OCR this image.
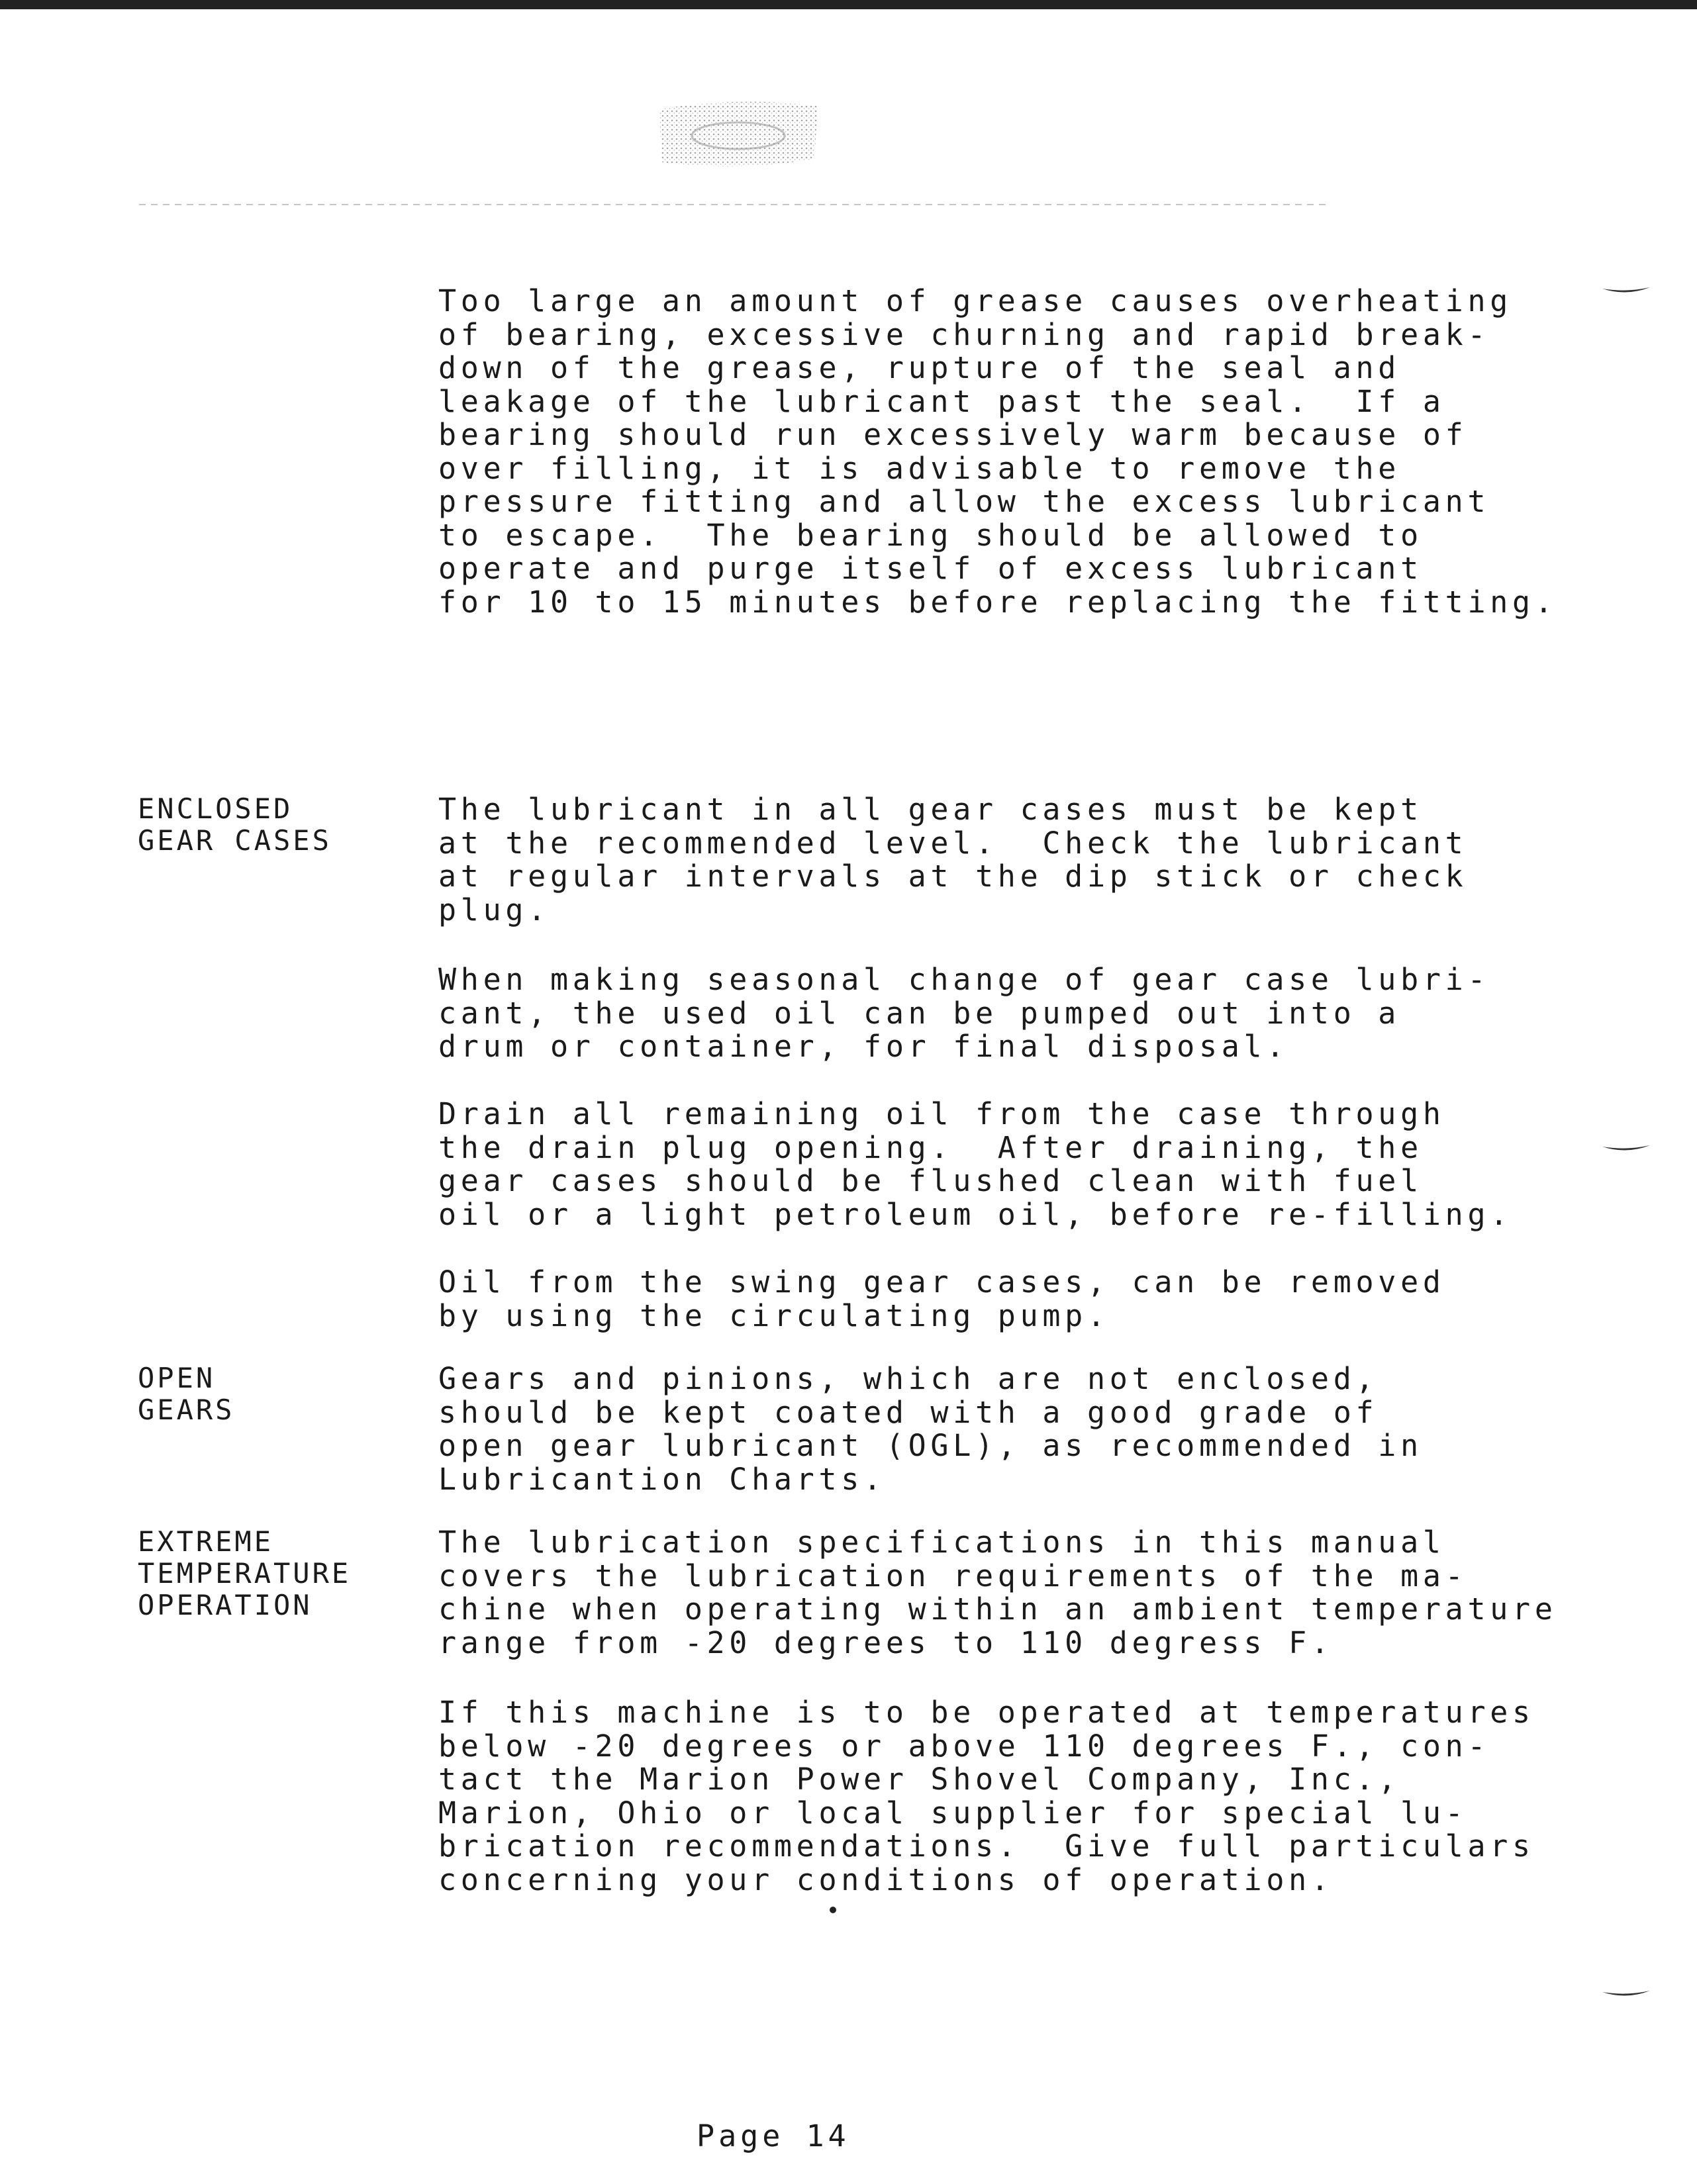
Too large an amount of grease causes overheating
of bearing, excessive churning and rapid break-
down of the grease, rupture of the seal and
leakage of the lubricant past the seal.  If a
bearing should run excessively warm because of
over filling, it is advisable to remove the
pressure fitting and allow the excess lubricant
to escape.  The bearing should be allowed to
operate and purge itself of excess lubricant
for 10 to 15 minutes before replacing the fitting.

ENCLOSED
GEAR CASES

The lubricant in all gear cases must be kept
at the recommended level.  Check the lubricant
at regular intervals at the dip stick or check
plug.

When making seasonal change of gear case lubri-
cant, the used oil can be pumped out into a
drum or container, for final disposal.

Drain all remaining oil from the case through
the drain plug opening.  After draining, the
gear cases should be flushed clean with fuel
oil or a light petroleum oil, before re-filling.

Oil from the swing gear cases, can be removed
by using the circulating pump.

OPEN
GEARS

Gears and pinions, which are not enclosed,
should be kept coated with a good grade of
open gear lubricant (OGL), as recommended in
Lubricantion Charts.

EXTREME
TEMPERATURE
OPERATION

The lubrication specifications in this manual
covers the lubrication requirements of the ma-
chine when operating within an ambient temperature
range from -20 degrees to 110 degress F.

If this machine is to be operated at temperatures
below -20 degrees or above 110 degrees F., con-
tact the Marion Power Shovel Company, Inc.,
Marion, Ohio or local supplier for special lu-
brication recommendations.  Give full particulars
concerning your conditions of operation.

Page 14
